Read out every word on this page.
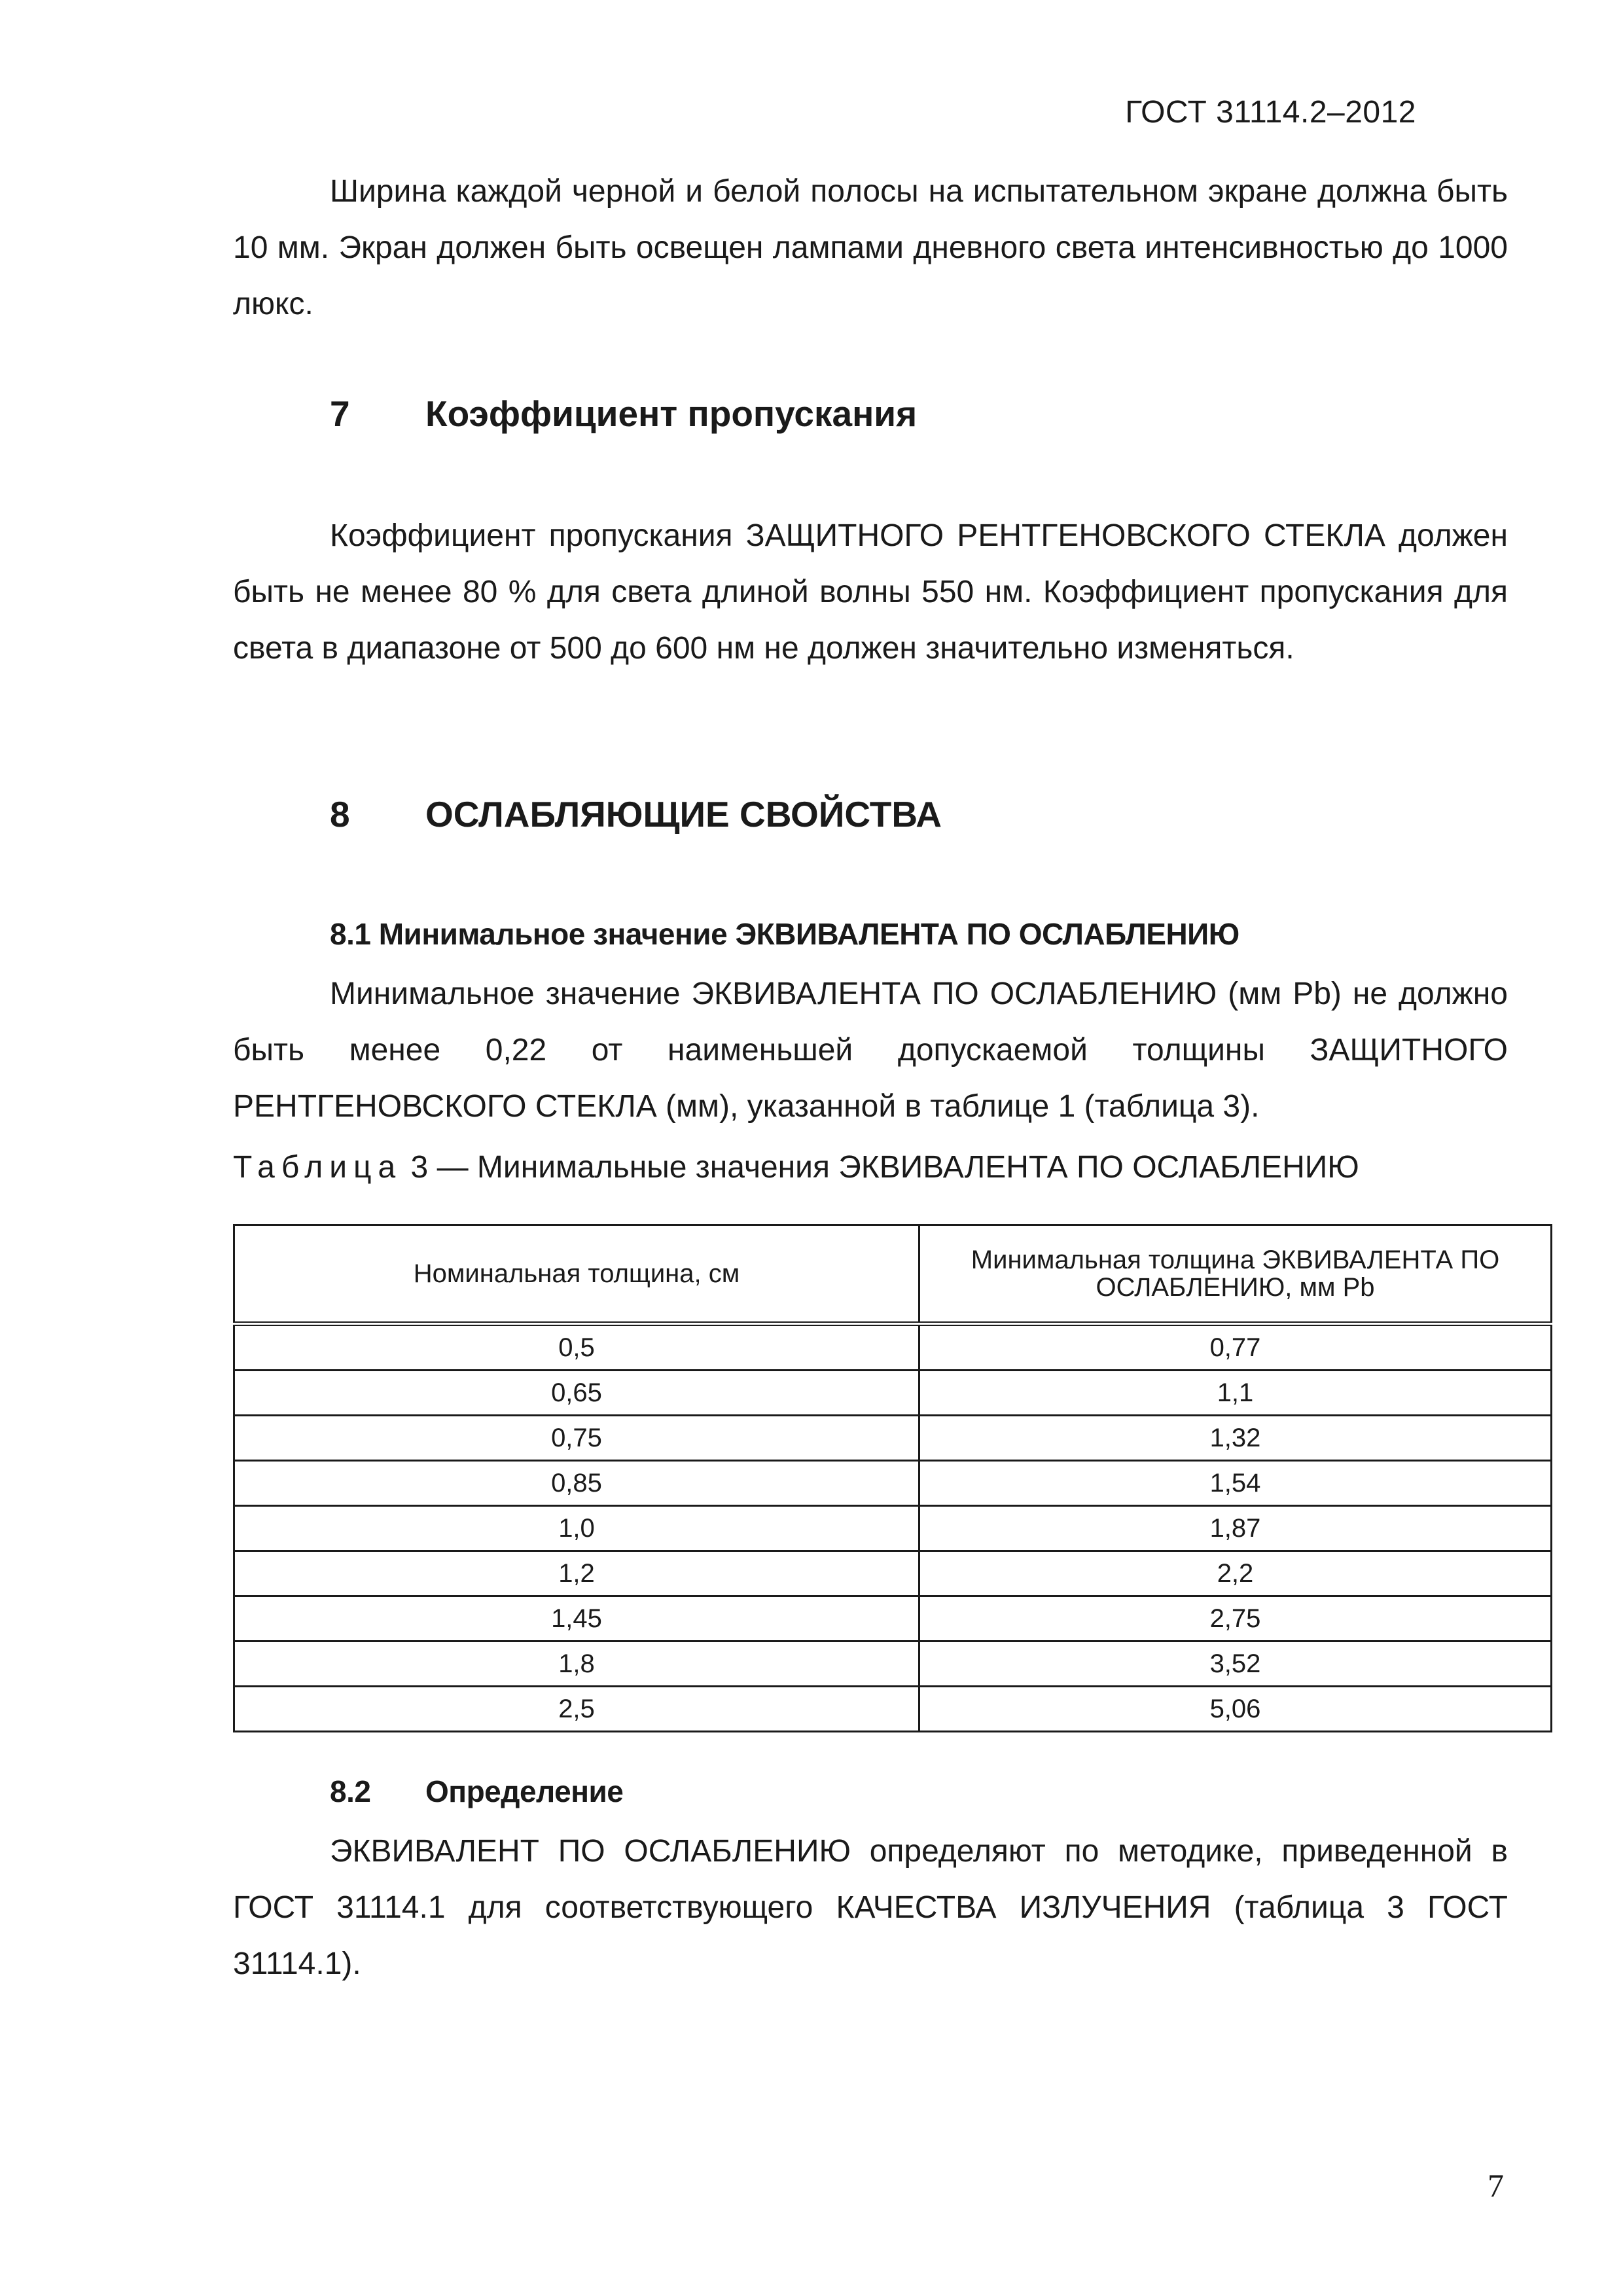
ГОСТ 31114.2–2012

Ширина каждой черной и белой полосы на испытательном экране должна быть 10 мм. Экран должен быть освещен лампами дневного света интенсивностью до 1000 люкс.

7 Коэффициент пропускания

Коэффициент пропускания ЗАЩИТНОГО РЕНТГЕНОВСКОГО СТЕКЛА должен быть не менее 80 % для света длиной волны 550 нм. Коэффициент пропускания для света в диапазоне от 500 до 600 нм не должен значительно изменяться.

8 ОСЛАБЛЯЮЩИЕ СВОЙСТВА
8.1 Минимальное значение ЭКВИВАЛЕНТА ПО ОСЛАБЛЕНИЮ

Минимальное значение ЭКВИВАЛЕНТА ПО ОСЛАБЛЕНИЮ (мм Pb) не должно быть менее 0,22 от наименьшей допускаемой толщины ЗАЩИТНОГО РЕНТГЕНОВСКОГО СТЕКЛА (мм), указанной в таблице 1 (таблица 3).

Таблица 3 — Минимальные значения ЭКВИВАЛЕНТА ПО ОСЛАБЛЕНИЮ
Номинальная толщина, см	Минимальная толщина ЭКВИВАЛЕНТА ПО ОСЛАБЛЕНИЮ, мм Pb
0,5	0,77
0,65	1,1
0,75	1,32
0,85	1,54
1,0	1,87
1,2	2,2
1,45	2,75
1,8	3,52
2,5	5,06
8.2 Определение

ЭКВИВАЛЕНТ ПО ОСЛАБЛЕНИЮ определяют по методике, приведенной в ГОСТ 31114.1 для соответствующего КАЧЕСТВА ИЗЛУЧЕНИЯ (таблица 3 ГОСТ 31114.1).

7
